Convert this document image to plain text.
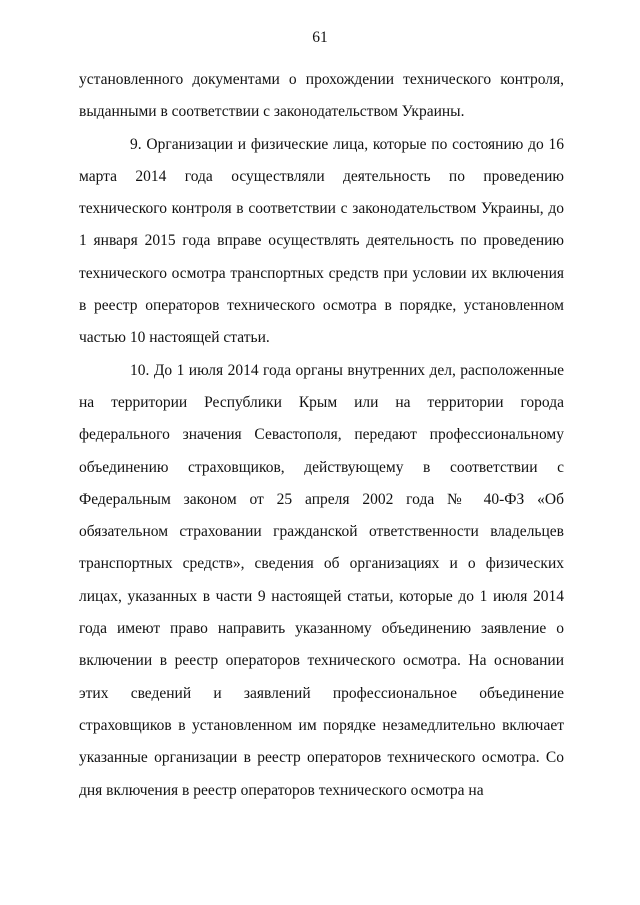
61

установленного документами о прохождении технического контроля, выданными в соответствии с законодательством Украины.

9. Организации и физические лица, которые по состоянию до 16 марта 2014 года осуществляли деятельность по проведению технического контроля в соответствии с законодательством Украины, до 1 января 2015 года вправе осуществлять деятельность по проведению технического осмотра транспортных средств при условии их включения в реестр операторов технического осмотра в порядке, установленном частью 10 настоящей статьи.

10. До 1 июля 2014 года органы внутренних дел, расположенные на территории Республики Крым или на территории города федерального значения Севастополя, передают профессиональному объединению страховщиков, действующему в соответствии с Федеральным законом от 25 апреля 2002 года № 40-ФЗ «Об обязательном страховании гражданской ответственности владельцев транспортных средств», сведения об организациях и о физических лицах, указанных в части 9 настоящей статьи, которые до 1 июля 2014 года имеют право направить указанному объединению заявление о включении в реестр операторов технического осмотра. На основании этих сведений и заявлений профессиональное объединение страховщиков в установленном им порядке незамедлительно включает указанные организации в реестр операторов технического осмотра. Со дня включения в реестр операторов технического осмотра на
